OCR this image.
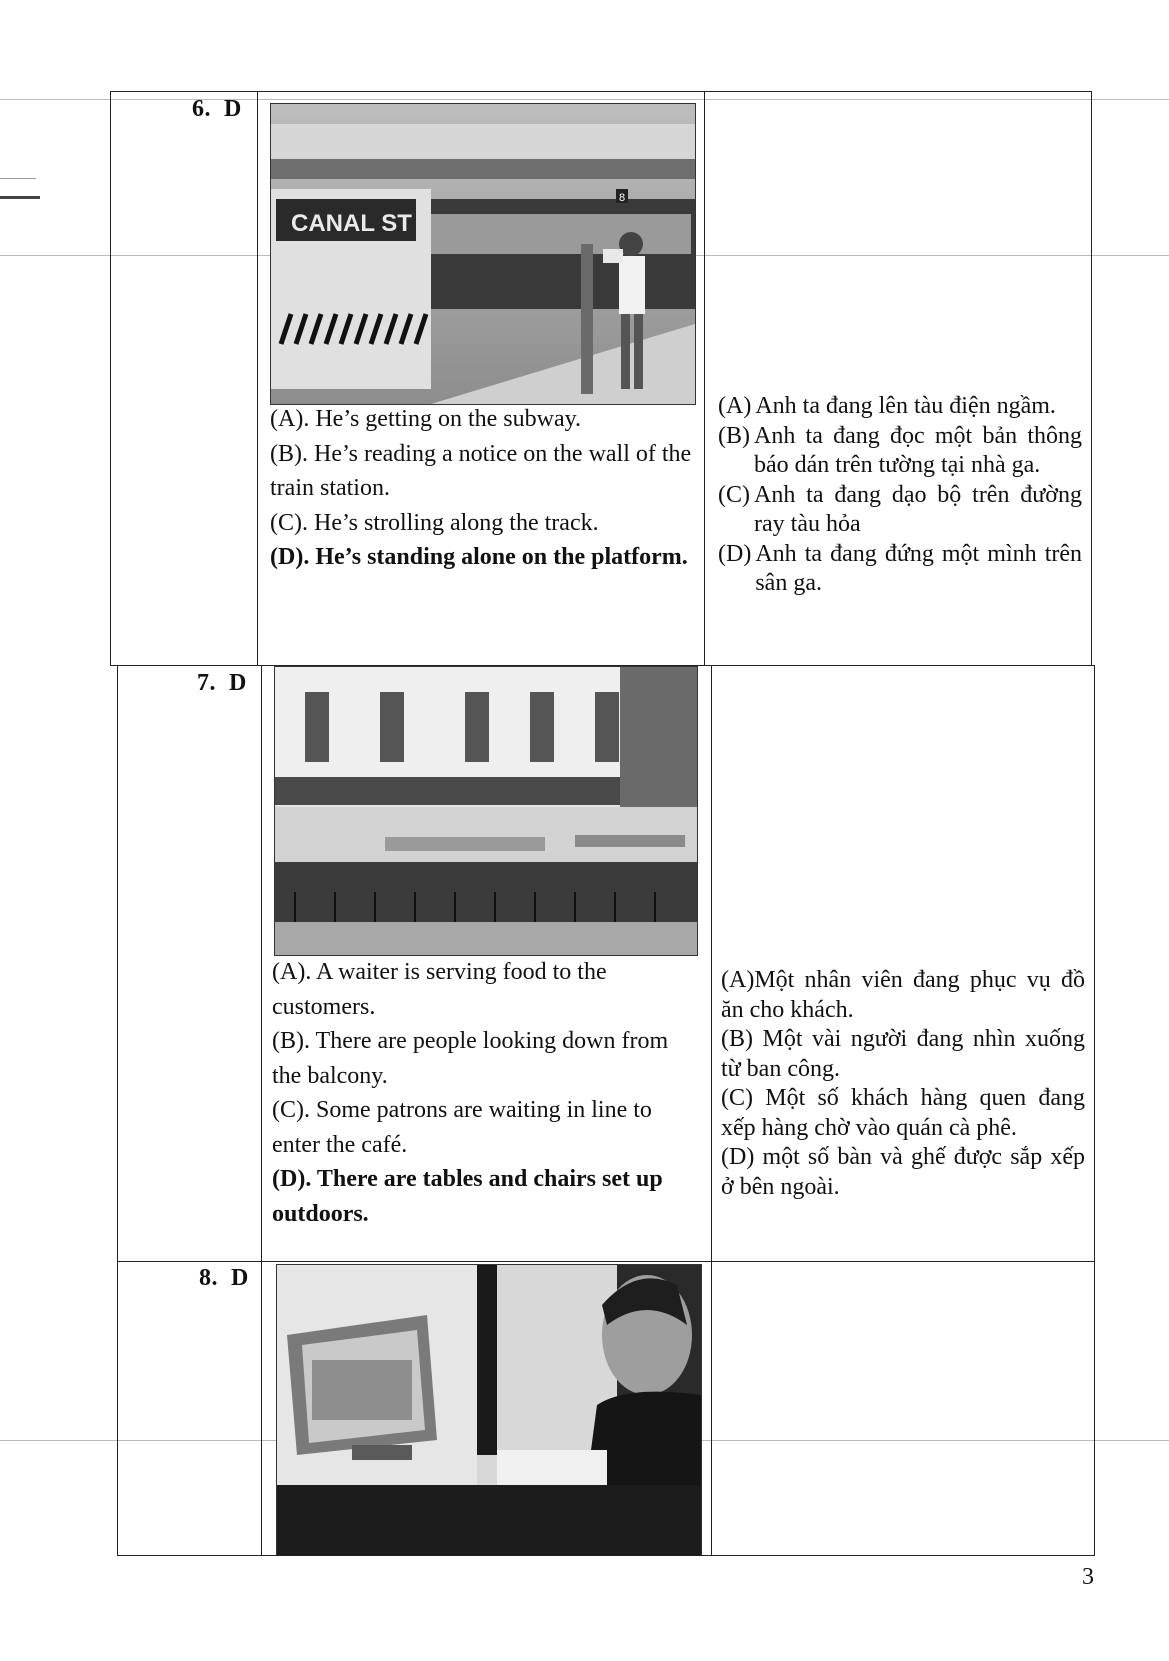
6. D
CANAL ST
8

(A). He’s getting on the subway.

(B). He’s reading a notice on the wall of the train station.

(C). He’s strolling along the track.

(D). He’s standing alone on the platform.

(A) Anh ta đang lên tàu điện ngầm.
(B) Anh ta đang đọc một bản thông báo dán trên tường tại nhà ga.
(C) Anh ta đang dạo bộ trên đường ray tàu hỏa
(D) Anh ta đang đứng một mình trên sân ga.
7. D

(A). A waiter is serving food to the customers.

(B). There are people looking down from the balcony.

(C). Some patrons are waiting in line to enter the café.

(D). There are tables and chairs set up outdoors.

(A)Một nhân viên đang phục vụ đồ ăn cho khách.

(B) Một vài người đang nhìn xuống từ ban công.

(C) Một số khách hàng quen đang xếp hàng chờ vào quán cà phê.

(D) một số bàn và ghế được sắp xếp ở bên ngoài.

8. D
3
